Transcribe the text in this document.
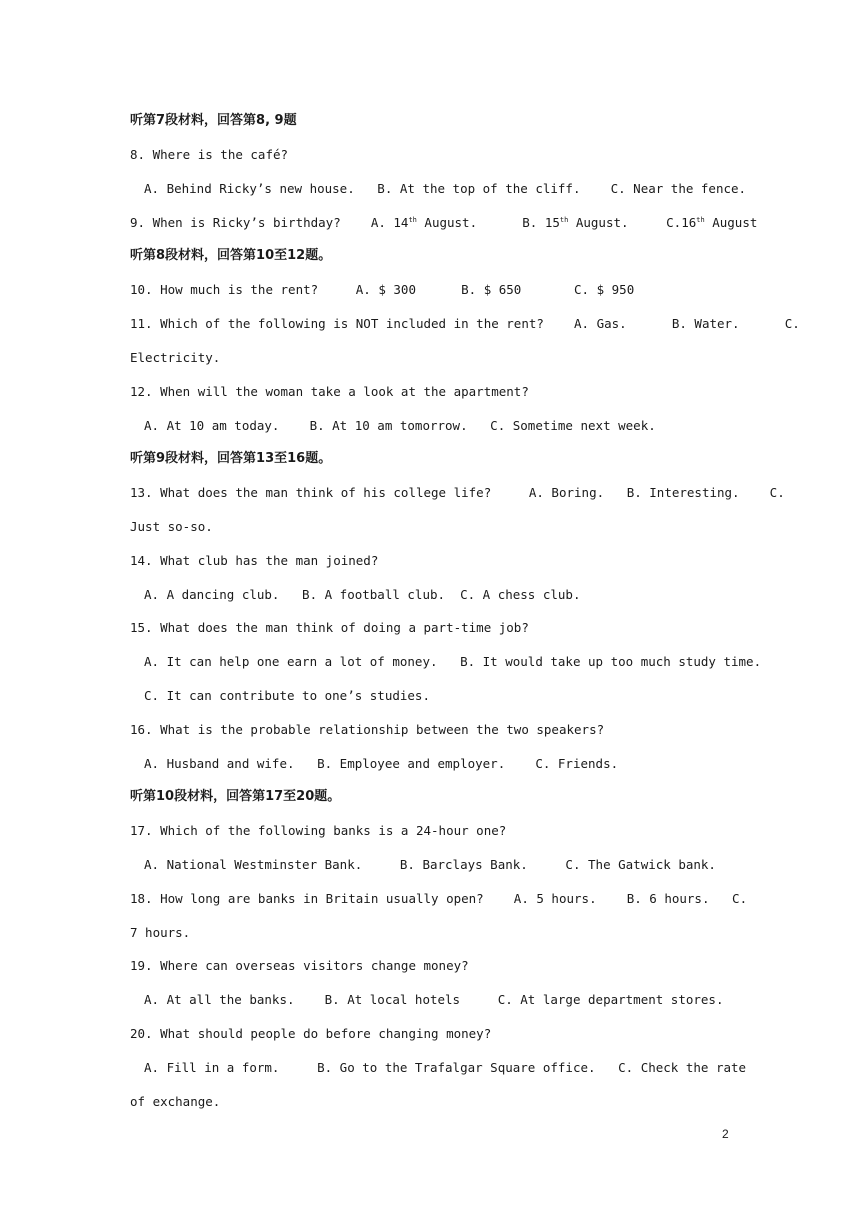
听第7段材料，回答第8, 9题
8. Where is the café?
A. Behind Ricky’s new house.   B. At the top of the cliff.    C. Near the fence.
9. When is Ricky’s birthday?    A. 14th August.      B. 15th August.     C.16th August
听第8段材料，回答第10至12题。
10. How much is the rent?     A. $ 300      B. $ 650       C. $ 950
11. Which of the following is NOT included in the rent?    A. Gas.      B. Water.      C.
Electricity.
12. When will the woman take a look at the apartment?
A. At 10 am today.    B. At 10 am tomorrow.   C. Sometime next week.
听第9段材料，回答第13至16题。
13. What does the man think of his college life?     A. Boring.   B. Interesting.    C.
Just so-so.
14. What club has the man joined?
A. A dancing club.   B. A football club.  C. A chess club.
15. What does the man think of doing a part-time job?
A. It can help one earn a lot of money.   B. It would take up too much study time.
C. It can contribute to one’s studies.
16. What is the probable relationship between the two speakers?
A. Husband and wife.   B. Employee and employer.    C. Friends.
听第10段材料，回答第17至20题。
17. Which of the following banks is a 24-hour one?
A. National Westminster Bank.     B. Barclays Bank.     C. The Gatwick bank.
18. How long are banks in Britain usually open?    A. 5 hours.    B. 6 hours.   C.
7 hours.
19. Where can overseas visitors change money?
A. At all the banks.    B. At local hotels     C. At large department stores.
20. What should people do before changing money?
A. Fill in a form.     B. Go to the Trafalgar Square office.   C. Check the rate
of exchange.
2
